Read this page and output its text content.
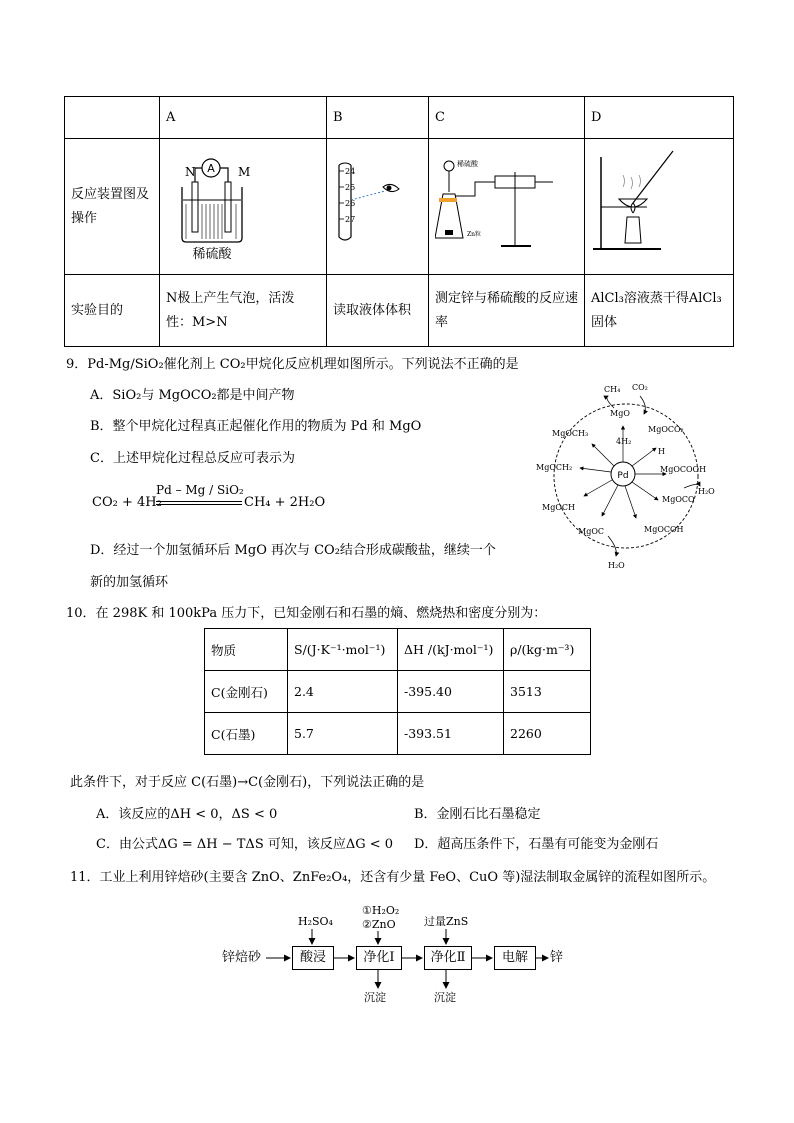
	A	B	C	D
反应装置图及操作	A
N M
稀硫酸	24
25
26
27	稀硫酸
Zn粒

实验目的	N极上产生气泡，活泼性：M>N	读取液体体积	测定锌与稀硫酸的反应速率	AlCl₃溶液蒸干得AlCl₃固体
9．Pd-Mg/SiO₂催化剂上 CO₂甲烷化反应机理如图所示。下列说法不正确的是
A．SiO₂与 MgOCO₂都是中间产物
B．整个甲烷化过程真正起催化作用的物质为 Pd 和 MgO
C．上述甲烷化过程总反应可表示为
CO₂ + 4H₂
Pd – Mg / SiO₂
CH₄ + 2H₂O
D．经过一个加氢循环后 MgO 再次与 CO₂结合形成碳酸盐，继续一个
新的加氢循环
Pd
4H₂
CH₄ CO₂
MgO
MgOCO₂
MgOCOOH
MgOCO
MgOCOH
MgOC
MgOCH
MgOCH₂
MgOCH₃
H₂O
H₂O
H
10．在 298K 和 100kPa 压力下，已知金刚石和石墨的熵、燃烧热和密度分别为：
物质	S/(J·K⁻¹·mol⁻¹)	ΔH /(kJ·mol⁻¹)	ρ/(kg·m⁻³)
C(金刚石)	2.4	-395.40	3513
C(石墨)	5.7	-393.51	2260
此条件下，对于反应 C(石墨)→C(金刚石)，下列说法正确的是
A．该反应的ΔH < 0，ΔS < 0	B．金刚石比石墨稳定
C．由公式ΔG = ΔH − TΔS 可知，该反应ΔG < 0 D．超高压条件下，石墨有可能变为金刚石
11．工业上利用锌焙砂(主要含 ZnO、ZnFe₂O₄，还含有少量 FeO、CuO 等)湿法制取金属锌的流程如图所示。
锌焙砂	酸浸	净化Ⅰ	净化Ⅱ	电解	锌
H₂SO₄
①H₂O₂
②ZnO	过量ZnS
沉淀	沉淀
